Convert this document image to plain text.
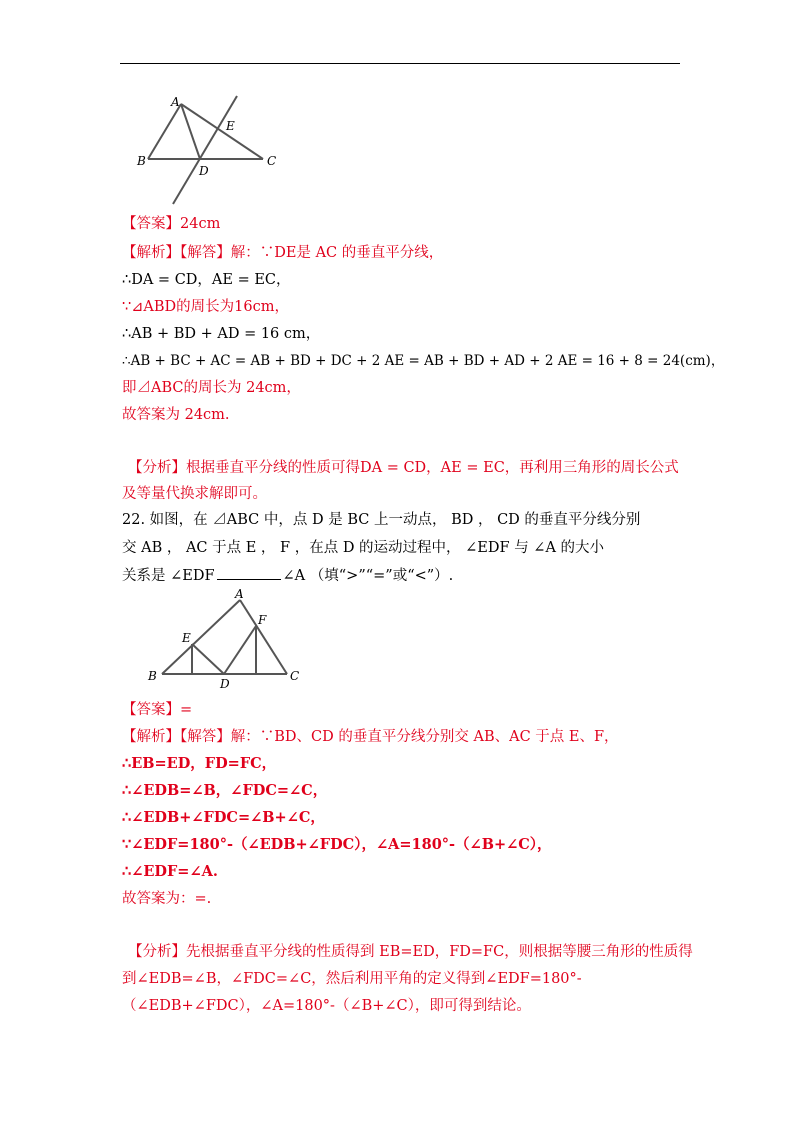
A
B	C
D
E
【答案】24cm
【解析】【解答】解：∵DE是 AC 的垂直平分线，
∴DA = CD，AE = EC，
∵⊿ABD的周长为16cm，
∴AB + BD + AD = 16 cm，
∴AB + BC + AC = AB + BD + DC + 2 AE = AB + BD + AD + 2 AE = 16 + 8 = 24(cm)，
即⊿ABC的周长为 24cm，
故答案为 24cm.
【分析】根据垂直平分线的性质可得DA = CD，AE = EC，再利用三角形的周长公式
及等量代换求解即可。
22. 如图，在 ⊿ABC 中，点 D 是 BC 上一动点， BD ， CD 的垂直平分线分别
交 AB ， AC 于点 E ， F ，在点 D 的运动过程中， ∠EDF 与 ∠A 的大小
关系是 ∠EDF	∠A （填“>”“=”或“<”）.
A
B	C
D
E
F
【答案】=
【解析】【解答】解：∵BD、CD 的垂直平分线分别交 AB、AC 于点 E、F，
∴EB=ED，FD=FC，
∴∠EDB=∠B，∠FDC=∠C，
∴∠EDB+∠FDC=∠B+∠C，
∵∠EDF=180°-（∠EDB+∠FDC），∠A=180°-（∠B+∠C），
∴∠EDF=∠A.
故答案为：=.
【分析】先根据垂直平分线的性质得到 EB=ED，FD=FC，则根据等腰三角形的性质得
到∠EDB=∠B，∠FDC=∠C，然后利用平角的定义得到∠EDF=180°-
（∠EDB+∠FDC），∠A=180°-（∠B+∠C），即可得到结论。
